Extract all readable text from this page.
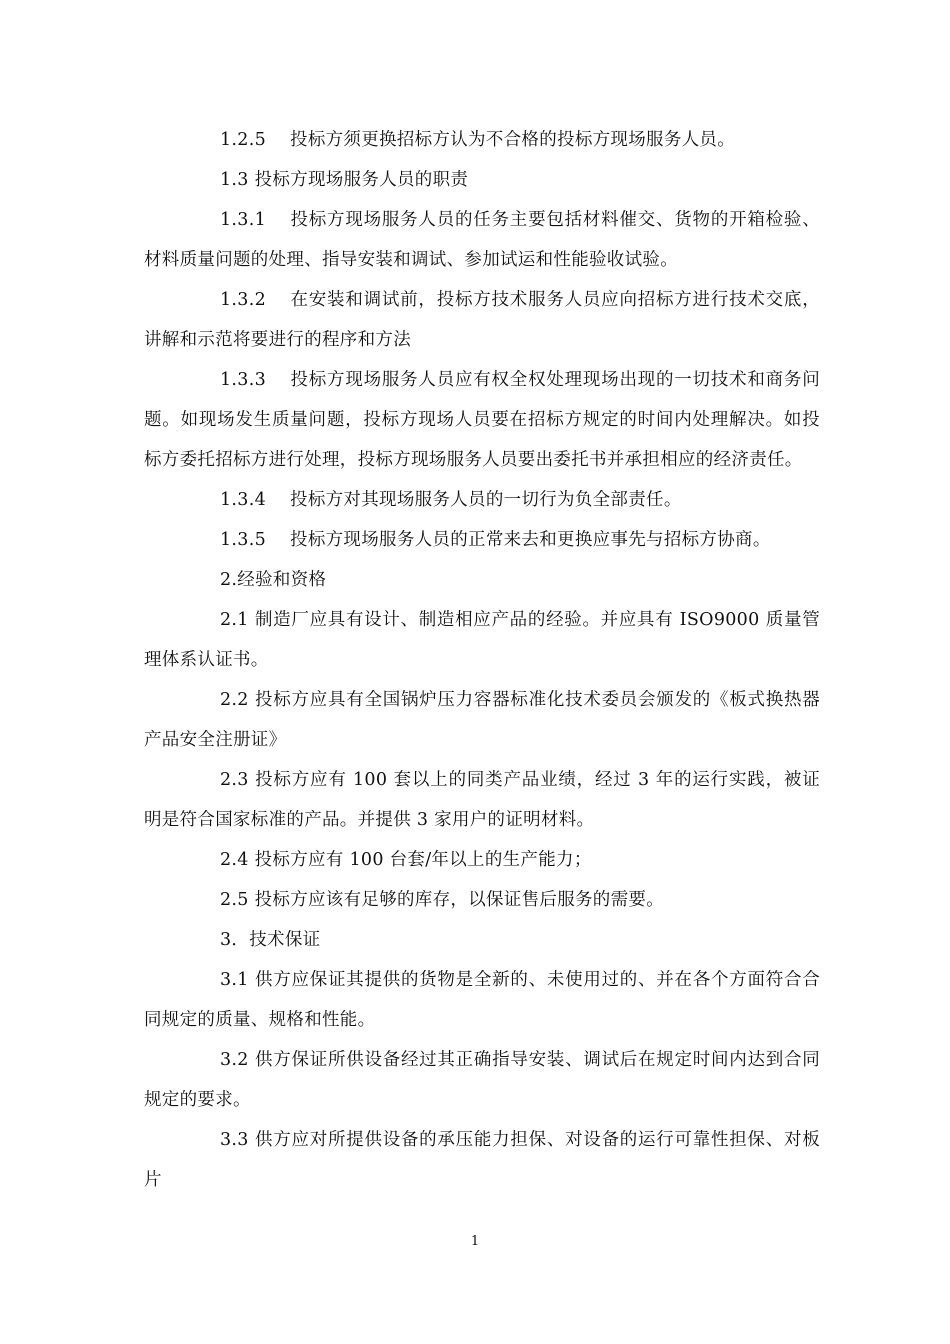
1.2.5 投标方须更换招标方认为不合格的投标方现场服务人员。

1.3 投标方现场服务人员的职责

1.3.1 投标方现场服务人员的任务主要包括材料催交、货物的开箱检验、材料质量问题的处理、指导安装和调试、参加试运和性能验收试验。

1.3.2 在安装和调试前，投标方技术服务人员应向招标方进行技术交底，讲解和示范将要进行的程序和方法

1.3.3 投标方现场服务人员应有权全权处理现场出现的一切技术和商务问题。如现场发生质量问题，投标方现场人员要在招标方规定的时间内处理解决。如投标方委托招标方进行处理，投标方现场服务人员要出委托书并承担相应的经济责任。

1.3.4 投标方对其现场服务人员的一切行为负全部责任。

1.3.5 投标方现场服务人员的正常来去和更换应事先与招标方协商。

2.经验和资格

2.1 制造厂应具有设计、制造相应产品的经验。并应具有 ISO9000 质量管理体系认证书。

2.2 投标方应具有全国锅炉压力容器标准化技术委员会颁发的《板式换热器产品安全注册证》

2.3 投标方应有 100 套以上的同类产品业绩，经过 3 年的运行实践，被证明是符合国家标准的产品。并提供 3 家用户的证明材料。

2.4 投标方应有 100 台套/年以上的生产能力；

2.5 投标方应该有足够的库存，以保证售后服务的需要。

3．技术保证

3.1 供方应保证其提供的货物是全新的、未使用过的、并在各个方面符合合同规定的质量、规格和性能。

3.2 供方保证所供设备经过其正确指导安装、调试后在规定时间内达到合同规定的要求。

3.3 供方应对所提供设备的承压能力担保、对设备的运行可靠性担保、对板片

1
